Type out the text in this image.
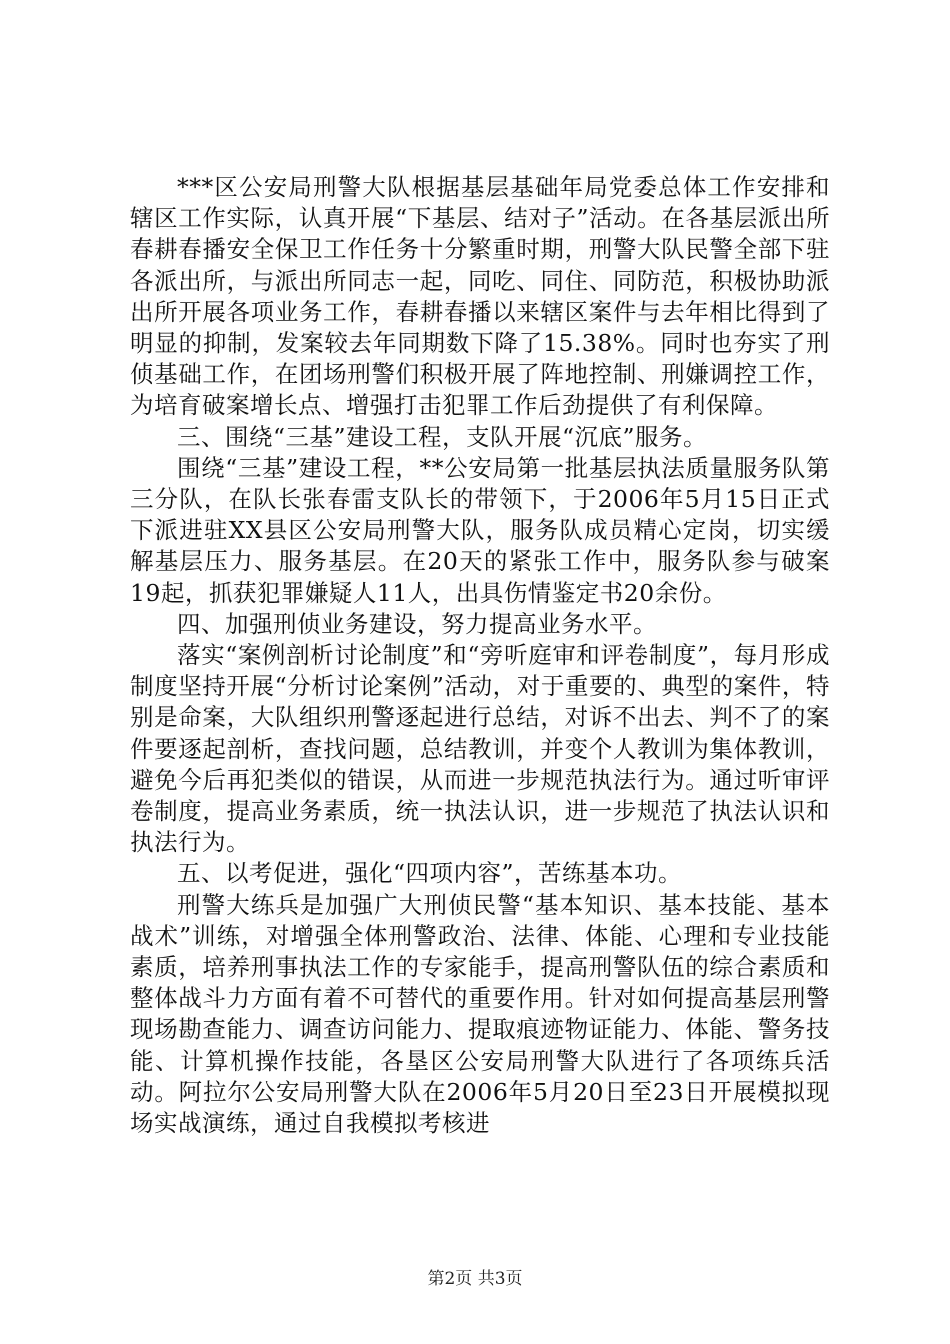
***区公安局刑警大队根据基层基础年局党委总体工作安排和辖区工作实际，认真开展“下基层、结对子”活动。在各基层派出所春耕春播安全保卫工作任务十分繁重时期，刑警大队民警全部下驻各派出所，与派出所同志一起，同吃、同住、同防范，积极协助派出所开展各项业务工作，春耕春播以来辖区案件与去年相比得到了明显的抑制，发案较去年同期数下降了15.38%。同时也夯实了刑侦基础工作，在团场刑警们积极开展了阵地控制、刑嫌调控工作，为培育破案增长点、增强打击犯罪工作后劲提供了有利保障。

三、围绕“三基”建设工程，支队开展“沉底”服务。

围绕“三基”建设工程，**公安局第一批基层执法质量服务队第三分队，在队长张春雷支队长的带领下，于2006年5月15日正式下派进驻XX县区公安局刑警大队，服务队成员精心定岗，切实缓解基层压力、服务基层。在20天的紧张工作中，服务队参与破案19起，抓获犯罪嫌疑人11人，出具伤情鉴定书20余份。

四、加强刑侦业务建设，努力提高业务水平。

落实“案例剖析讨论制度”和“旁听庭审和评卷制度”，每月形成制度坚持开展“分析讨论案例”活动，对于重要的、典型的案件，特别是命案，大队组织刑警逐起进行总结，对诉不出去、判不了的案件要逐起剖析，查找问题，总结教训，并变个人教训为集体教训，避免今后再犯类似的错误，从而进一步规范执法行为。通过听审评卷制度，提高业务素质，统一执法认识，进一步规范了执法认识和执法行为。

五、以考促进，强化“四项内容”，苦练基本功。

刑警大练兵是加强广大刑侦民警“基本知识、基本技能、基本战术”训练，对增强全体刑警政治、法律、体能、心理和专业技能素质，培养刑事执法工作的专家能手，提高刑警队伍的综合素质和整体战斗力方面有着不可替代的重要作用。针对如何提高基层刑警现场勘查能力、调查访问能力、提取痕迹物证能力、体能、警务技能、计算机操作技能，各垦区公安局刑警大队进行了各项练兵活动。阿拉尔公安局刑警大队在2006年5月20日至23日开展模拟现场实战演练，通过自我模拟考核进

第2页 共3页
